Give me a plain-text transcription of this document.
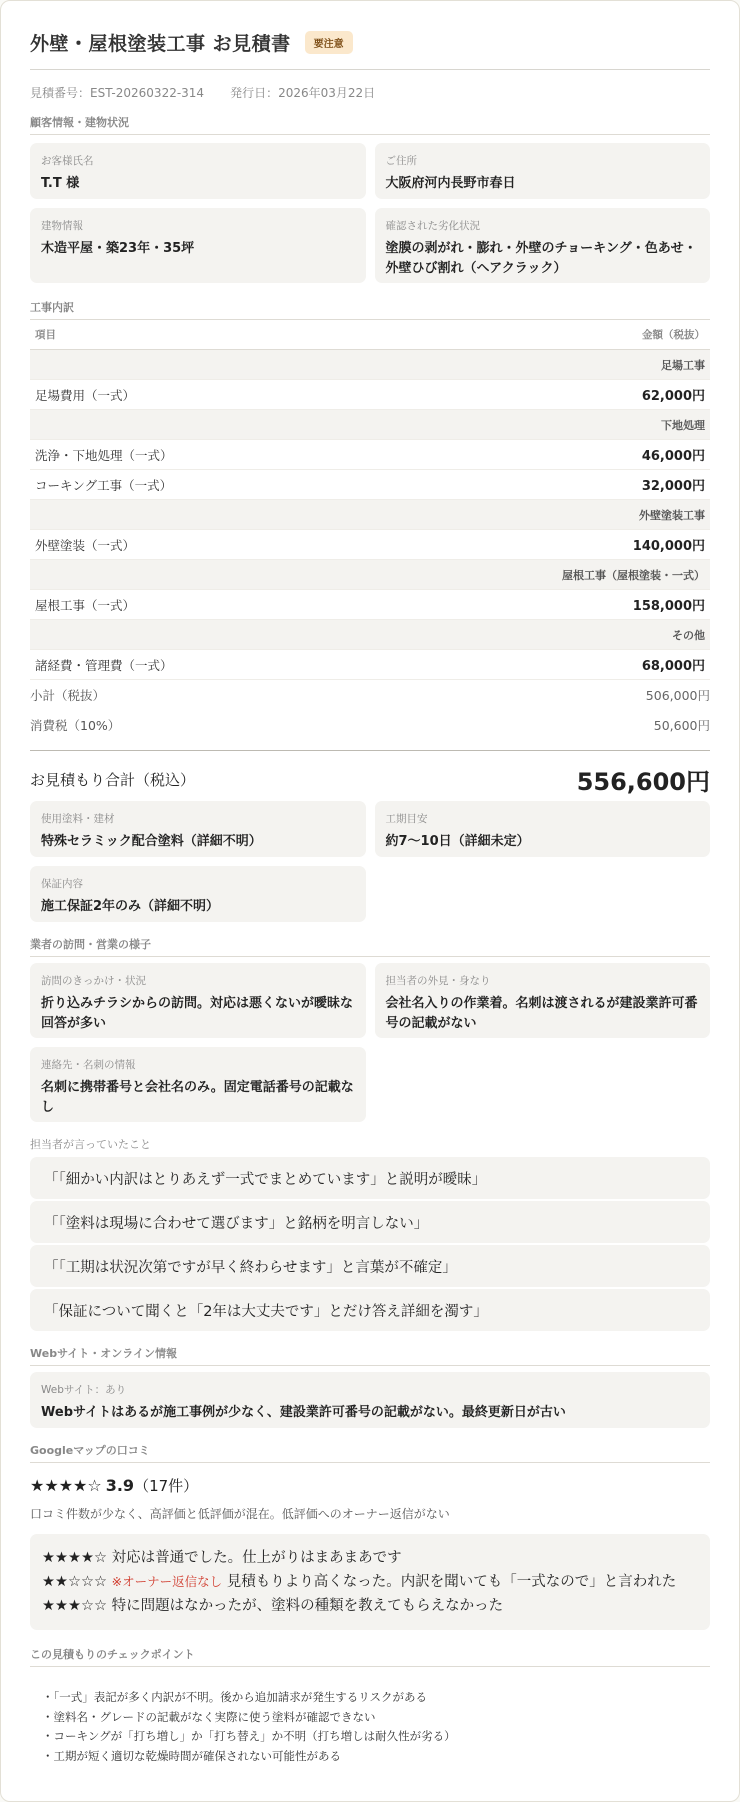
外壁・屋根塗装工事 お見積書	要注意
見積番号：EST-20260322-314 発行日：2026年03月22日
顧客情報・建物状況
お客様氏名
T.T 様
ご住所
大阪府河内長野市春日
建物情報
木造平屋・築23年・35坪
確認された劣化状況
塗膜の剥がれ・膨れ・外壁のチョーキング・色あせ・外壁ひび割れ（ヘアクラック）
工事内訳
項目	金額（税抜）
足場工事
足場費用（一式）	62,000円
下地処理
洗浄・下地処理（一式）	46,000円
コーキング工事（一式）	32,000円
外壁塗装工事
外壁塗装（一式）	140,000円
屋根工事（屋根塗装・一式）
屋根工事（一式）	158,000円
その他
諸経費・管理費（一式）	68,000円
小計（税抜）	506,000円
消費税（10%）	50,600円
お見積もり合計（税込）	556,600円
使用塗料・建材
特殊セラミック配合塗料（詳細不明）
工期目安
約7〜10日（詳細未定）
保証内容
施工保証2年のみ（詳細不明）
業者の訪問・営業の様子
訪問のきっかけ・状況
折り込みチラシからの訪問。対応は悪くないが曖昧な回答が多い
担当者の外見・身なり
会社名入りの作業着。名刺は渡されるが建設業許可番号の記載がない
連絡先・名刺の情報
名刺に携帯番号と会社名のみ。固定電話番号の記載なし
担当者が言っていたこと
「「細かい内訳はとりあえず一式でまとめています」と説明が曖昧」
「「塗料は現場に合わせて選びます」と銘柄を明言しない」
「「工期は状況次第ですが早く終わらせます」と言葉が不確定」
「保証について聞くと「2年は大丈夫です」とだけ答え詳細を濁す」
Webサイト・オンライン情報
Webサイト：あり
Webサイトはあるが施工事例が少なく、建設業許可番号の記載がない。最終更新日が古い
Googleマップの口コミ
★★★★☆ 3.9 （17件）
口コミ件数が少なく、高評価と低評価が混在。低評価へのオーナー返信がない
★★★★☆ 対応は普通でした。仕上がりはまあまあです
★★☆☆☆ ※オーナー返信なし 見積もりより高くなった。内訳を聞いても「一式なので」と言われた
★★★☆☆ 特に問題はなかったが、塗料の種類を教えてもらえなかった
この見積もりのチェックポイント
・「一式」表記が多く内訳が不明。後から追加請求が発生するリスクがある
・塗料名・グレードの記載がなく実際に使う塗料が確認できない
・コーキングが「打ち増し」か「打ち替え」か不明（打ち増しは耐久性が劣る）
・工期が短く適切な乾燥時間が確保されない可能性がある
